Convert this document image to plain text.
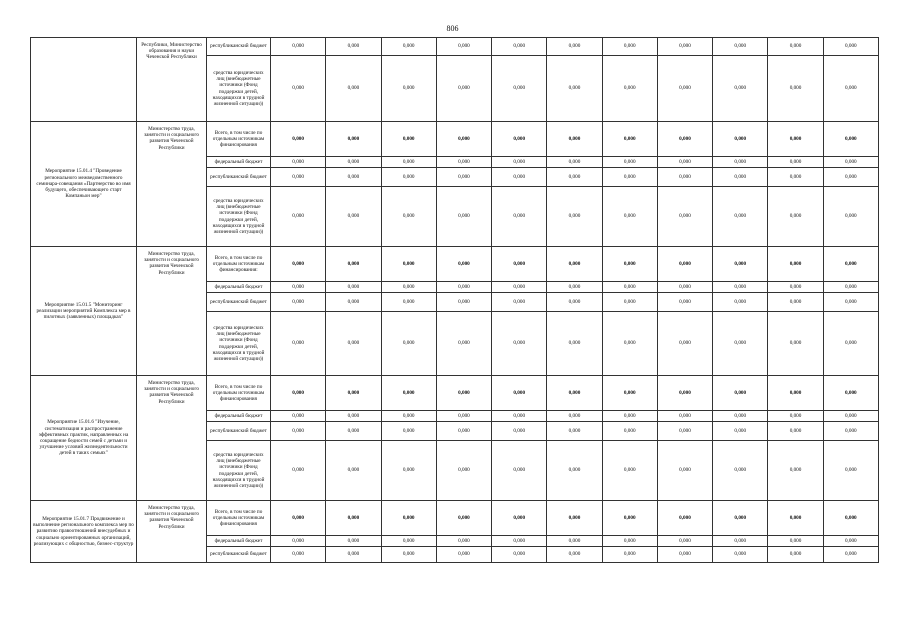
806
	Республики, Министерство образования и науки Чеченской Республики	республиканский бюджет	0,000	0,000	0,000	0,000	0,000	0,000	0,000	0,000	0,000	0,000	0,000
		средства юридических лиц (внебюджетные источники (Фонд поддержки детей, находящихся в трудной жизненной ситуации))	0,000	0,000	0,000	0,000	0,000	0,000	0,000	0,000	0,000	0,000	0,000
Мероприятие 15.01.4 "Проведение регионального межведомственного семинара-совещания «Партнерство во имя будущего, обеспечивающего старт Компаньон мер"	Министерство труда, занятости и социального развития Чеченской Республики	Всего, в том числе по отдельным источникам финансирования	0,000	0,000	0,000	0,000	0,000	0,000	0,000	0,000	0,000	0,000	0,000
		федеральный бюджет	0,000	0,000	0,000	0,000	0,000	0,000	0,000	0,000	0,000	0,000	0,000
		республиканский бюджет	0,000	0,000	0,000	0,000	0,000	0,000	0,000	0,000	0,000	0,000	0,000
		средства юридических лиц (внебюджетные источники (Фонд поддержки детей, находящихся в трудной жизненной ситуации))	0,000	0,000	0,000	0,000	0,000	0,000	0,000	0,000	0,000	0,000	0,000
Мероприятие 15.01.5 "Мониторинг реализации мероприятий Комплекса мер в пилотных (заявленных) площадках"	Министерство труда, занятости и социального развития Чеченской Республики	Всего, в том числе по отдельным источникам финансирования:	0,000	0,000	0,000	0,000	0,000	0,000	0,000	0,000	0,000	0,000	0,000
		федеральный бюджет	0,000	0,000	0,000	0,000	0,000	0,000	0,000	0,000	0,000	0,000	0,000
		республиканский бюджет	0,000	0,000	0,000	0,000	0,000	0,000	0,000	0,000	0,000	0,000	0,000
		средства юридических лиц (внебюджетные источники (Фонд поддержки детей, находящихся в трудной жизненной ситуации))	0,000	0,000	0,000	0,000	0,000	0,000	0,000	0,000	0,000	0,000	0,000
Мероприятие 15.01.6 "Изучение, систематизация и распространение эффективных практик, направленных на сокращение бедности семей с детьми и улучшение условий жизнедеятельности детей в таких семьях"	Министерство труда, занятости и социального развития Чеченской Республики	Всего, в том числе по отдельным источникам финансирования	0,000	0,000	0,000	0,000	0,000	0,000	0,000	0,000	0,000	0,000	0,000
		федеральный бюджет	0,000	0,000	0,000	0,000	0,000	0,000	0,000	0,000	0,000	0,000	0,000
		республиканский бюджет	0,000	0,000	0,000	0,000	0,000	0,000	0,000	0,000	0,000	0,000	0,000
		средства юридических лиц (внебюджетные источники (Фонд поддержки детей, находящихся в трудной жизненной ситуации))	0,000	0,000	0,000	0,000	0,000	0,000	0,000	0,000	0,000	0,000	0,000
Мероприятие 15.01.7 Продвижение и выполнение регионального комплекса мер по развитию правоотношений внесудебных и социально ориентированных организаций, реализующих с общностью, бизнес-структур	Министерство труда, занятости и социального развития Чеченской Республики	Всего, в том числе по отдельным источникам финансирования	0,000	0,000	0,000	0,000	0,000	0,000	0,000	0,000	0,000	0,000	0,000
		федеральный бюджет	0,000	0,000	0,000	0,000	0,000	0,000	0,000	0,000	0,000	0,000	0,000
		республиканский бюджет	0,000	0,000	0,000	0,000	0,000	0,000	0,000	0,000	0,000	0,000	0,000
